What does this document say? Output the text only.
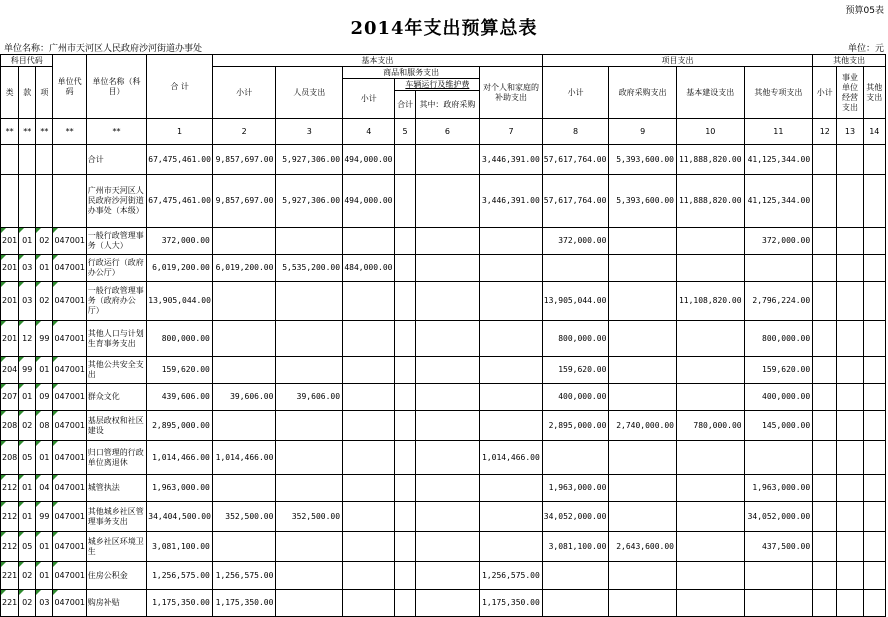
预算05表
2014年支出预算总表
单位名称：广州市天河区人民政府沙河街道办事处	单位：元
科目代码			单位代码	单位名称（科目）	合 计	基本支出						项目支出				其他支出		
类	款	项				小计	人员支出	商品和服务支出			对个人和家庭的补助支出	小计	政府采购支出	基本建设支出	其他专项支出	小计	事业单位经营支出	其他支出
								小计	车辆运行及维护费									
									合计	其中：政府采购								
**	**	**	**	**	1	2	3	4	5	6	7	8	9	10	11	12	13	14
				合计	67,475,461.00	9,857,697.00	5,927,306.00	494,000.00			3,446,391.00	57,617,764.00	5,393,600.00	11,888,820.00	41,125,344.00			
				广州市天河区人民政府沙河街道办事处（本级）	67,475,461.00	9,857,697.00	5,927,306.00	494,000.00			3,446,391.00	57,617,764.00	5,393,600.00	11,888,820.00	41,125,344.00			
201	01	02	047001	一般行政管理事务（人大）	372,000.00							372,000.00			372,000.00			
201	03	01	047001	行政运行（政府办公厅）	6,019,200.00	6,019,200.00	5,535,200.00	484,000.00										
201	03	02	047001	一般行政管理事务（政府办公厅）	13,905,044.00							13,905,044.00		11,108,820.00	2,796,224.00			
201	12	99	047001	其他人口与计划生育事务支出	800,000.00							800,000.00			800,000.00			
204	99	01	047001	其他公共安全支出	159,620.00							159,620.00			159,620.00			
207	01	09	047001	群众文化	439,606.00	39,606.00	39,606.00					400,000.00			400,000.00			
208	02	08	047001	基层政权和社区建设	2,895,000.00							2,895,000.00	2,740,000.00	780,000.00	145,000.00			
208	05	01	047001	归口管理的行政单位离退休	1,014,466.00	1,014,466.00					1,014,466.00							
212	01	04	047001	城管执法	1,963,000.00							1,963,000.00			1,963,000.00			
212	01	99	047001	其他城乡社区管理事务支出	34,404,500.00	352,500.00	352,500.00					34,052,000.00			34,052,000.00			
212	05	01	047001	城乡社区环境卫生	3,081,100.00							3,081,100.00	2,643,600.00		437,500.00			
221	02	01	047001	住房公积金	1,256,575.00	1,256,575.00					1,256,575.00							
221	02	03	047001	购房补贴	1,175,350.00	1,175,350.00					1,175,350.00							
